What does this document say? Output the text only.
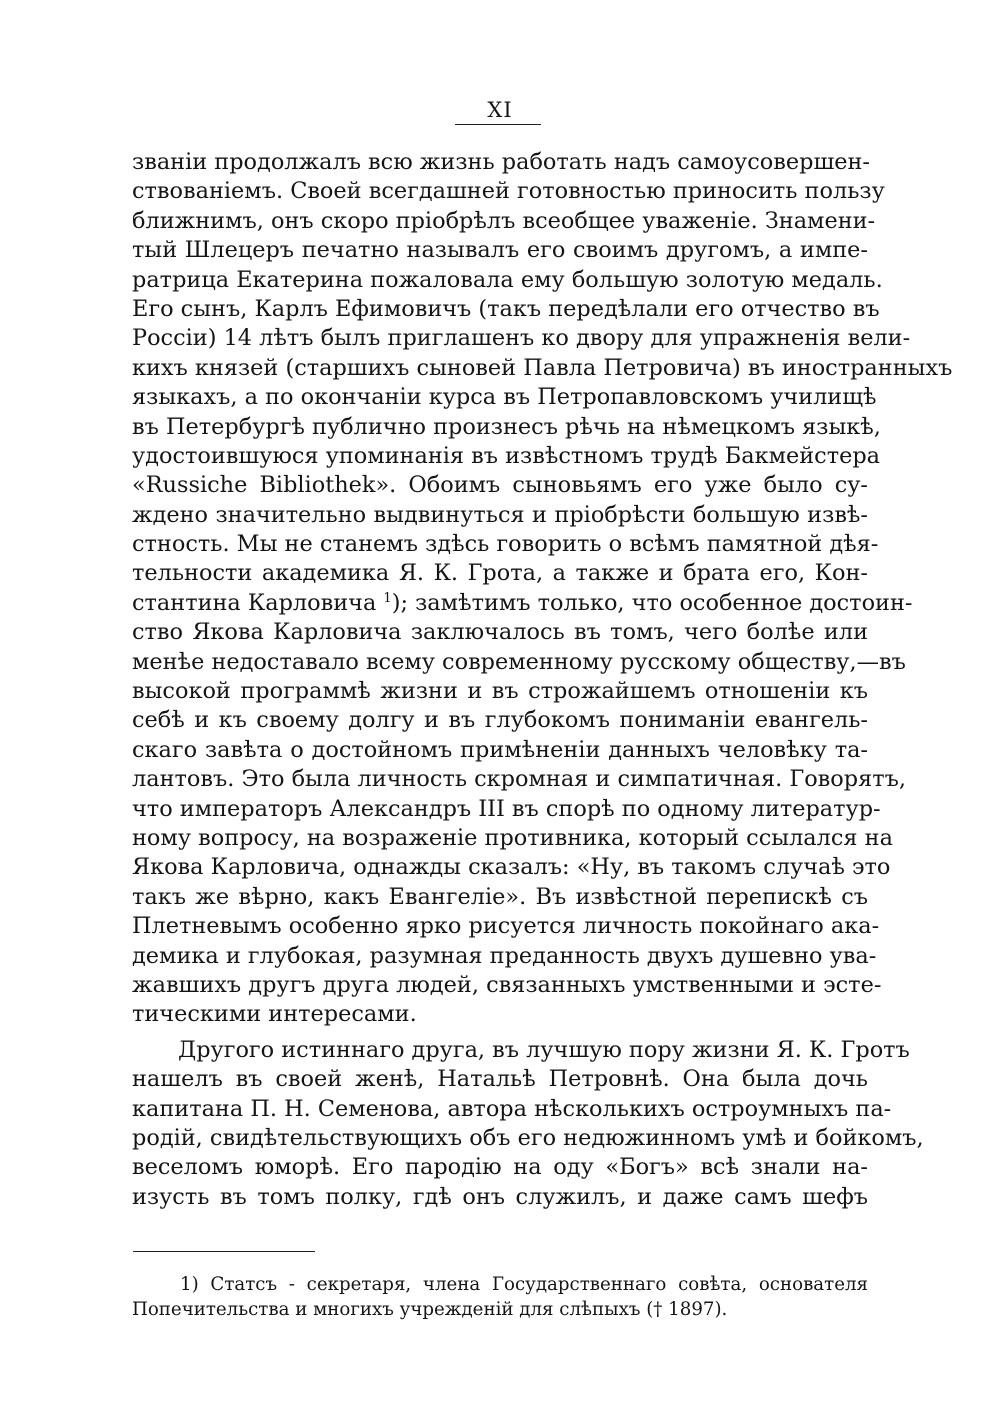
XI
званіи продолжалъ всю жизнь работать надъ самоусовершен-
ствованіемъ. Своей всегдашней готовностью приносить пользу
ближнимъ, онъ скоро пріобрѣлъ всеобщее уваженіе. Знамени-
тый Шлецеръ печатно называлъ его своимъ другомъ, а импе-
ратрица Екатерина пожаловала ему большую золотую медаль.
Его сынъ, Карлъ Ефимовичъ (такъ передѣлали его отчество въ
Россіи) 14 лѣтъ былъ приглашенъ ко двору для упражненія вели-
кихъ князей (старшихъ сыновей Павла Петровича) въ иностранныхъ
языкахъ, а по окончаніи курса въ Петропавловскомъ училищѣ
въ Петербургѣ публично произнесъ рѣчь на нѣмецкомъ языкѣ,
удостоившуюся упоминанія въ извѣстномъ трудѣ Бакмейстера
«Russiche Bibliothek». Обоимъ сыновьямъ его уже было су-
ждено значительно выдвинуться и пріобрѣсти большую извѣ-
стность. Мы не станемъ здѣсь говорить о всѣмъ памятной дѣя-
тельности академика Я. К. Грота, а также и брата его, Кон-
стантина Карловича $^1$); замѣтимъ только, что особенное достоин-
ство Якова Карловича заключалось въ томъ, чего болѣе или
менѣе недоставало всему современному русскому обществу,—въ
высокой программѣ жизни и въ строжайшемъ отношеніи къ
себѣ и къ своему долгу и въ глубокомъ пониманіи евангель-
скаго завѣта о достойномъ примѣненіи данныхъ человѣку та-
лантовъ. Это была личность скромная и симпатичная. Говорятъ,
что императоръ Александръ III въ спорѣ по одному литератур-
ному вопросу, на возраженіе противника, который ссылался на
Якова Карловича, однажды сказалъ: «Ну, въ такомъ случаѣ это
такъ же вѣрно, какъ Евангеліе». Въ извѣстной перепискѣ съ
Плетневымъ особенно ярко рисуется личность покойнаго ака-
демика и глубокая, разумная преданность двухъ душевно ува-
жавшихъ другъ друга людей, связанныхъ умственными и эсте-
тическими интересами.
Другого истиннаго друга, въ лучшую пору жизни Я. К. Гротъ
нашелъ въ своей женѣ, Натальѣ Петровнѣ. Она была дочь
капитана П. Н. Семенова, автора нѣсколькихъ остроумныхъ па-
родій, свидѣтельствующихъ объ его недюжинномъ умѣ и бойкомъ,
веселомъ юморѣ. Его пародію на оду «Богъ» всѣ знали на-
изусть въ томъ полку, гдѣ онъ служилъ, и даже самъ шефъ
1) Статсъ - секретаря, члена Государственнаго совѣта, основателя
Попечительства и многихъ учрежденій для слѣпыхъ († 1897).
